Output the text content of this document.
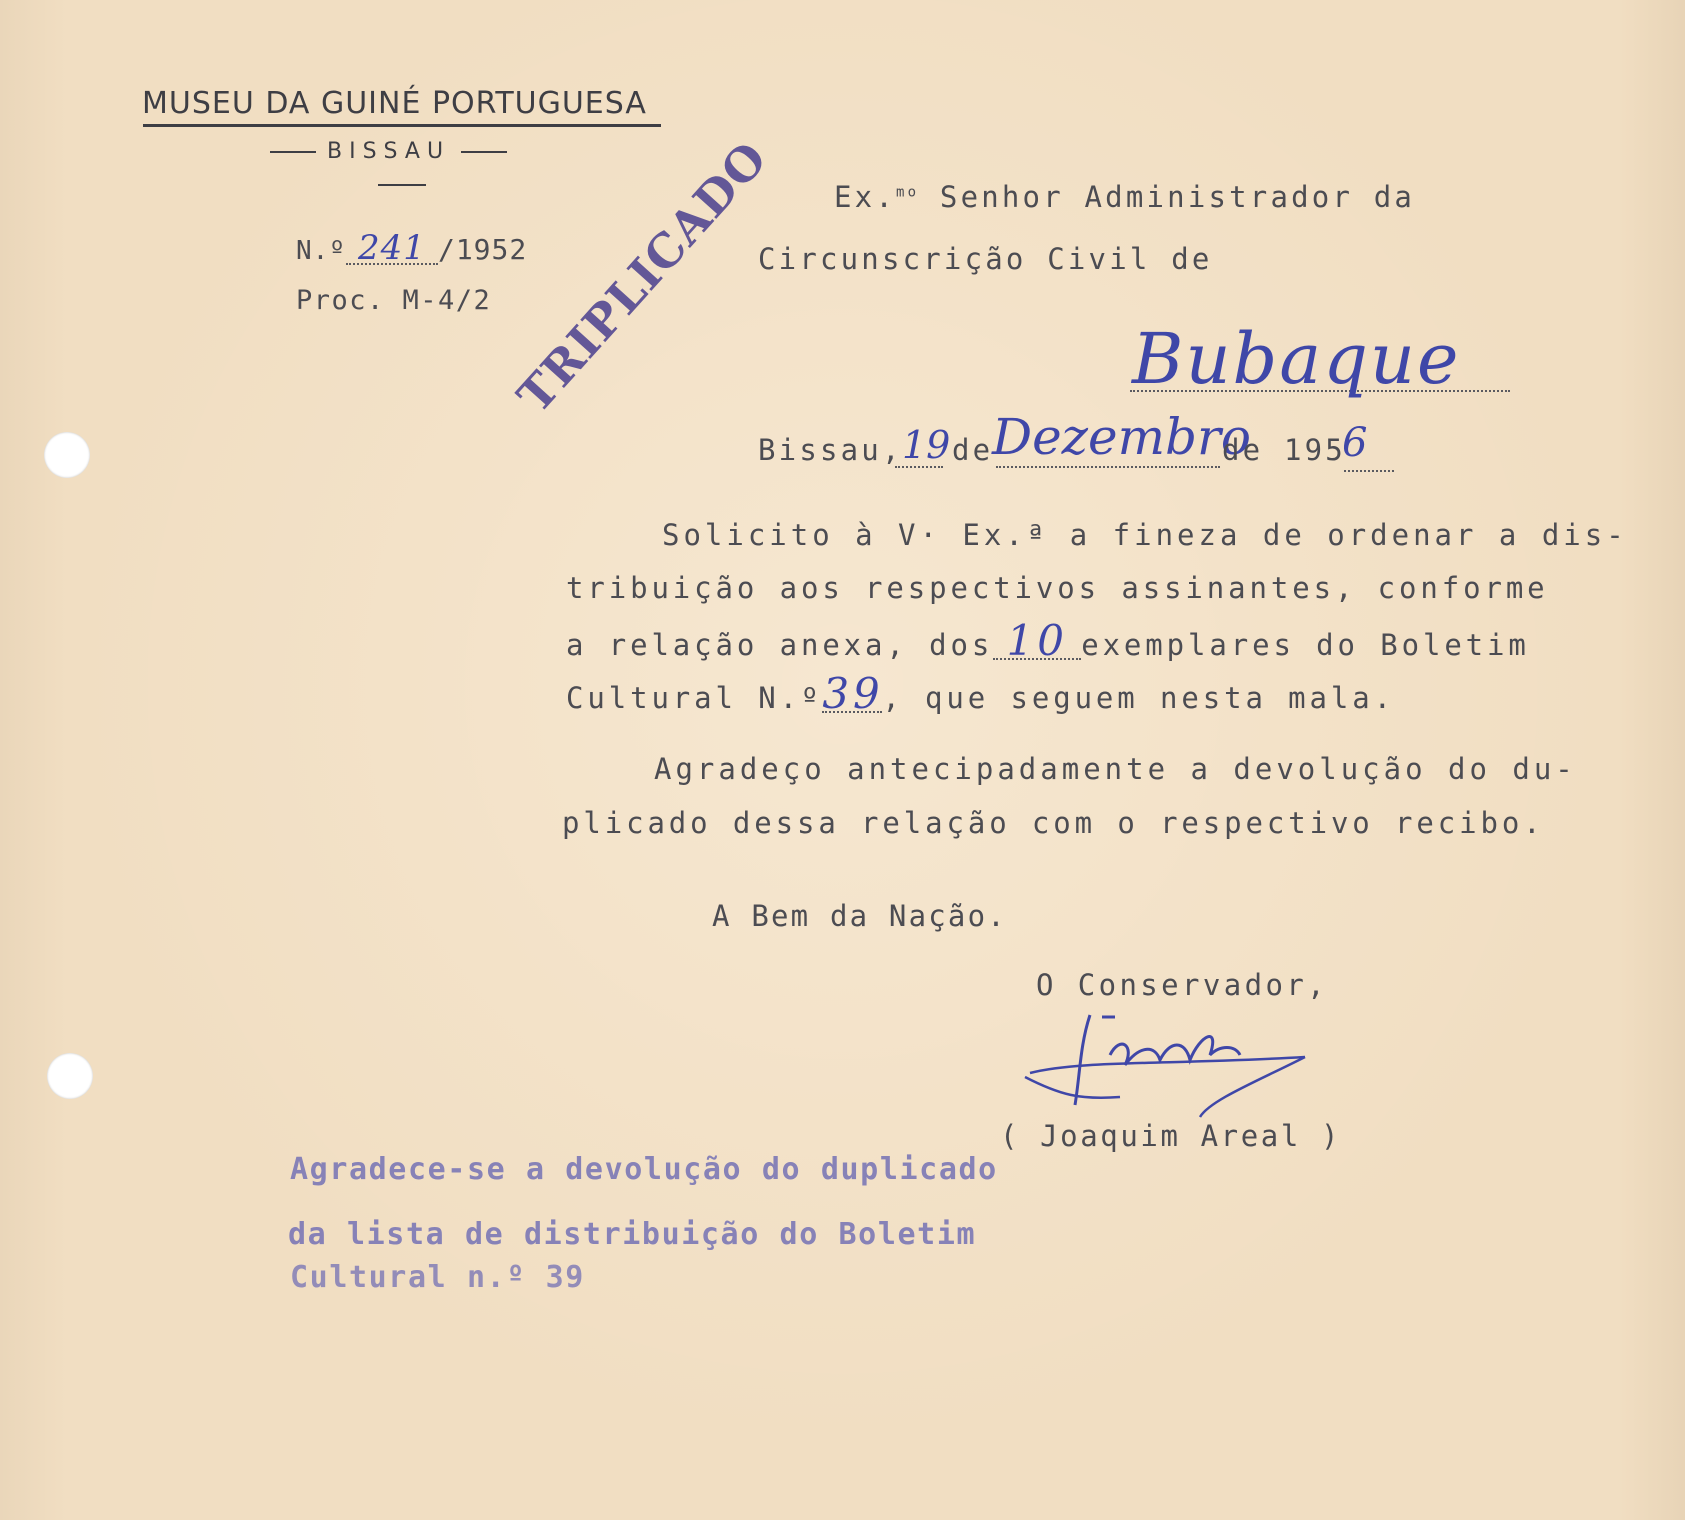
MUSEU DA GUINÉ PORTUGUESA
BISSAU
N.º 241 /1952
Proc. M-4/2 TRIPLICADO Ex.$^{mo}$ Senhor Administrador da
Circunscrição Civil de
Bubaque
Bissau, 19 de
Dezembro
de 195
6
Solicito à V· Ex.ª a fineza de ordenar a dis-
tribuição aos respectivos assinantes, conforme
a relação anexa, dos 10 exemplares do Boletim
Cultural N.º39, que seguem nesta mala.
Agradeço antecipadamente a devolução do du-
plicado dessa relação com o respectivo recibo.
A Bem da Nação.
O Conservador,
( Joaquim Areal )
Agradece-se a devolução do duplicado
da lista de distribuição do Boletim
Cultural n.º 39
